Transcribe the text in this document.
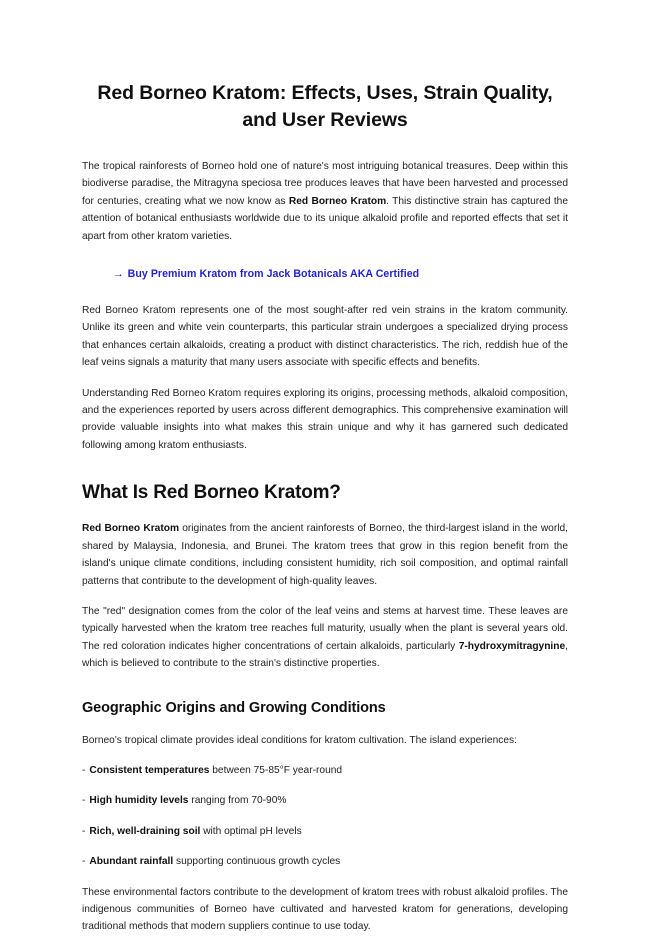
Red Borneo Kratom: Effects, Uses, Strain Quality, and User Reviews

The tropical rainforests of Borneo hold one of nature's most intriguing botanical treasures. Deep within this biodiverse paradise, the Mitragyna speciosa tree produces leaves that have been harvested and processed for centuries, creating what we now know as Red Borneo Kratom. This distinctive strain has captured the attention of botanical enthusiasts worldwide due to its unique alkaloid profile and reported effects that set it apart from other kratom varieties.

→ Buy Premium Kratom from Jack Botanicals AKA Certified

Red Borneo Kratom represents one of the most sought-after red vein strains in the kratom community. Unlike its green and white vein counterparts, this particular strain undergoes a specialized drying process that enhances certain alkaloids, creating a product with distinct characteristics. The rich, reddish hue of the leaf veins signals a maturity that many users associate with specific effects and benefits.

Understanding Red Borneo Kratom requires exploring its origins, processing methods, alkaloid composition, and the experiences reported by users across different demographics. This comprehensive examination will provide valuable insights into what makes this strain unique and why it has garnered such dedicated following among kratom enthusiasts.

What Is Red Borneo Kratom?

Red Borneo Kratom originates from the ancient rainforests of Borneo, the third-largest island in the world, shared by Malaysia, Indonesia, and Brunei. The kratom trees that grow in this region benefit from the island's unique climate conditions, including consistent humidity, rich soil composition, and optimal rainfall patterns that contribute to the development of high-quality leaves.

The "red" designation comes from the color of the leaf veins and stems at harvest time. These leaves are typically harvested when the kratom tree reaches full maturity, usually when the plant is several years old. The red coloration indicates higher concentrations of certain alkaloids, particularly 7-hydroxymitragynine, which is believed to contribute to the strain's distinctive properties.

Geographic Origins and Growing Conditions

Borneo's tropical climate provides ideal conditions for kratom cultivation. The island experiences:

- Consistent temperatures between 75-85°F year-round
- High humidity levels ranging from 70-90%
- Rich, well-draining soil with optimal pH levels
- Abundant rainfall supporting continuous growth cycles

These environmental factors contribute to the development of kratom trees with robust alkaloid profiles. The indigenous communities of Borneo have cultivated and harvested kratom for generations, developing traditional methods that modern suppliers continue to use today.
